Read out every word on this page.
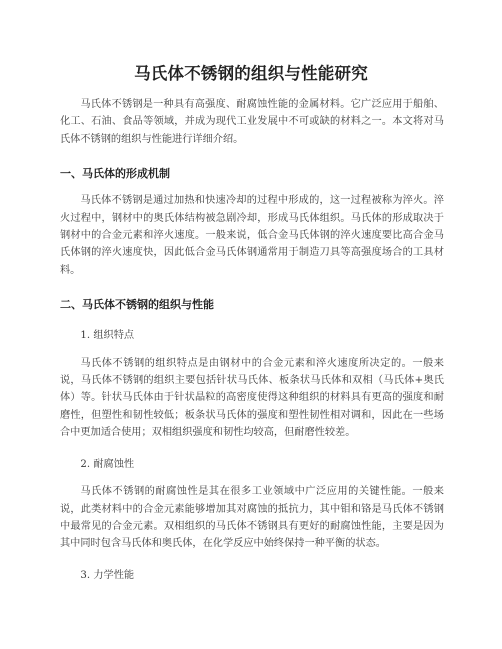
马氏体不锈钢的组织与性能研究

马氏体不锈钢是一种具有高强度、耐腐蚀性能的金属材料。它广泛应用于船舶、化工、石油、食品等领域，并成为现代工业发展中不可或缺的材料之一。本文将对马氏体不锈钢的组织与性能进行详细介绍。

一、马氏体的形成机制

马氏体不锈钢是通过加热和快速冷却的过程中形成的，这一过程被称为淬火。淬火过程中，钢材中的奥氏体结构被急剧冷却，形成马氏体组织。马氏体的形成取决于钢材中的合金元素和淬火速度。一般来说，低合金马氏体钢的淬火速度要比高合金马氏体钢的淬火速度快，因此低合金马氏体钢通常用于制造刀具等高强度场合的工具材料。

二、马氏体不锈钢的组织与性能

1. 组织特点

马氏体不锈钢的组织特点是由钢材中的合金元素和淬火速度所决定的。一般来说，马氏体不锈钢的组织主要包括针状马氏体、板条状马氏体和双相（马氏体+奥氏体）等。针状马氏体由于针状晶粒的高密度使得这种组织的材料具有更高的强度和耐磨性，但塑性和韧性较低；板条状马氏体的强度和塑性韧性相对调和，因此在一些场合中更加适合使用；双相组织强度和韧性均较高，但耐磨性较差。

2. 耐腐蚀性

马氏体不锈钢的耐腐蚀性是其在很多工业领域中广泛应用的关键性能。一般来说，此类材料中的合金元素能够增加其对腐蚀的抵抗力，其中钼和铬是马氏体不锈钢中最常见的合金元素。双相组织的马氏体不锈钢具有更好的耐腐蚀性能，主要是因为其中同时包含马氏体和奥氏体，在化学反应中始终保持一种平衡的状态。

3. 力学性能
